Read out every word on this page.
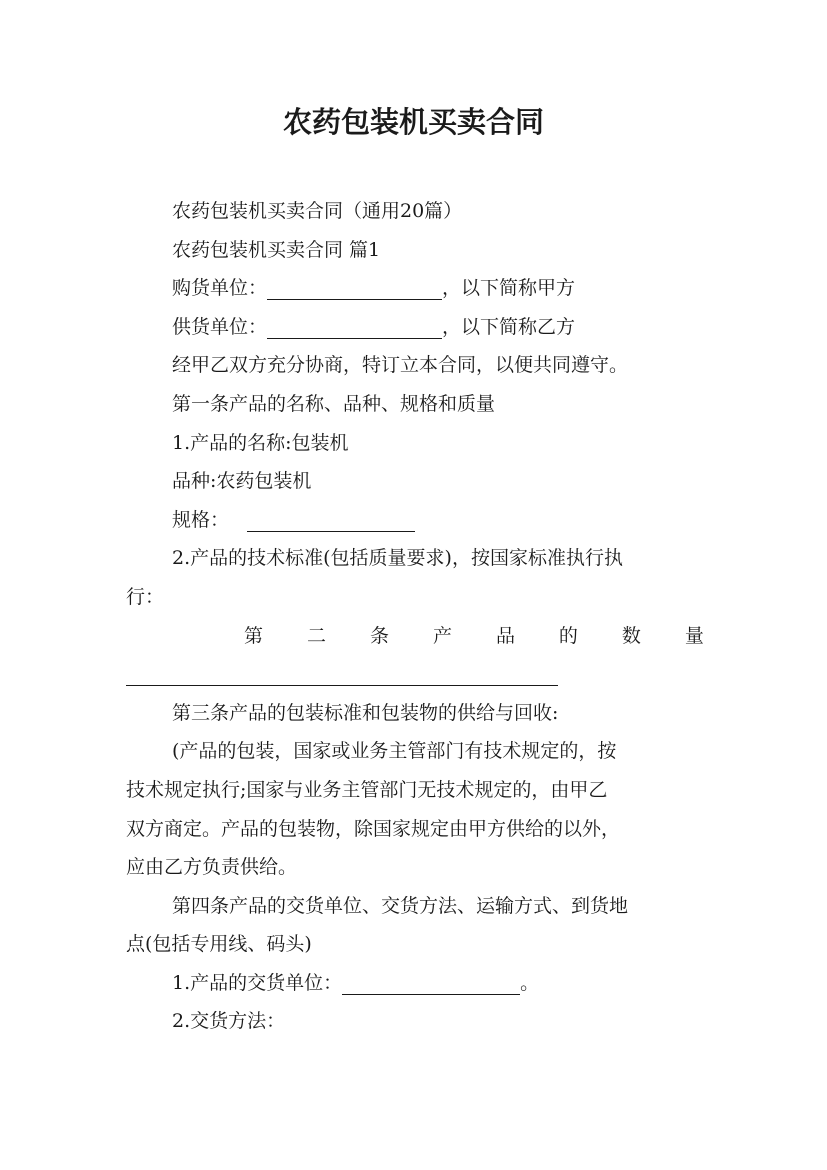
农药包装机买卖合同

农药包装机买卖合同（通用20篇）

农药包装机买卖合同 篇1

购货单位：	，以下简称甲方

供货单位：	，以下简称乙方

经甲乙双方充分协商，特订立本合同，以便共同遵守。

第一条产品的名称、品种、规格和质量

1.产品的名称:包装机

品种:农药包装机

规格：

2.产品的技术标准(包括质量要求)，按国家标准执行执

行：

第 二 条 产 品 的 数 量

第三条产品的包装标准和包装物的供给与回收:

(产品的包装，国家或业务主管部门有技术规定的，按

技术规定执行;国家与业务主管部门无技术规定的，由甲乙

双方商定。产品的包装物，除国家规定由甲方供给的以外，

应由乙方负责供给。

第四条产品的交货单位、交货方法、运输方式、到货地

点(包括专用线、码头)

1.产品的交货单位：	。

2.交货方法：
